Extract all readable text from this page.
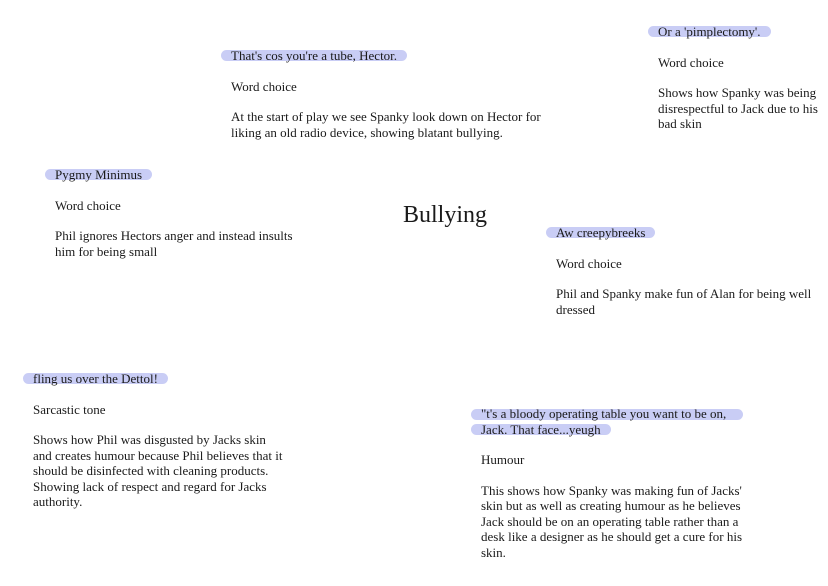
Bullying
That's cos you're a tube, Hector.
Word choice
At the start of play we see Spanky look down on Hector for liking an old radio device, showing blatant bullying.
Or a 'pimplectomy'.
Word choice
Shows how Spanky was being disrespectful to Jack due to his bad skin
Pygmy Minimus
Word choice
Phil ignores Hectors anger and instead insults him for being small
Aw creepybreeks
Word choice
Phil and Spanky make fun of Alan for being well dressed
fling us over the Dettol!
Sarcastic tone
Shows how Phil was disgusted by Jacks skin and creates humour because Phil believes that it should be disinfected with cleaning products. Showing lack of respect and regard for Jacks authority.
"t's a bloody operating table you want to be on, Jack. That face...yeugh
Humour
This shows how Spanky was making fun of Jacks' skin but as well as creating humour as he believes Jack should be on an operating table rather than a desk like a designer as he should get a cure for his skin.
